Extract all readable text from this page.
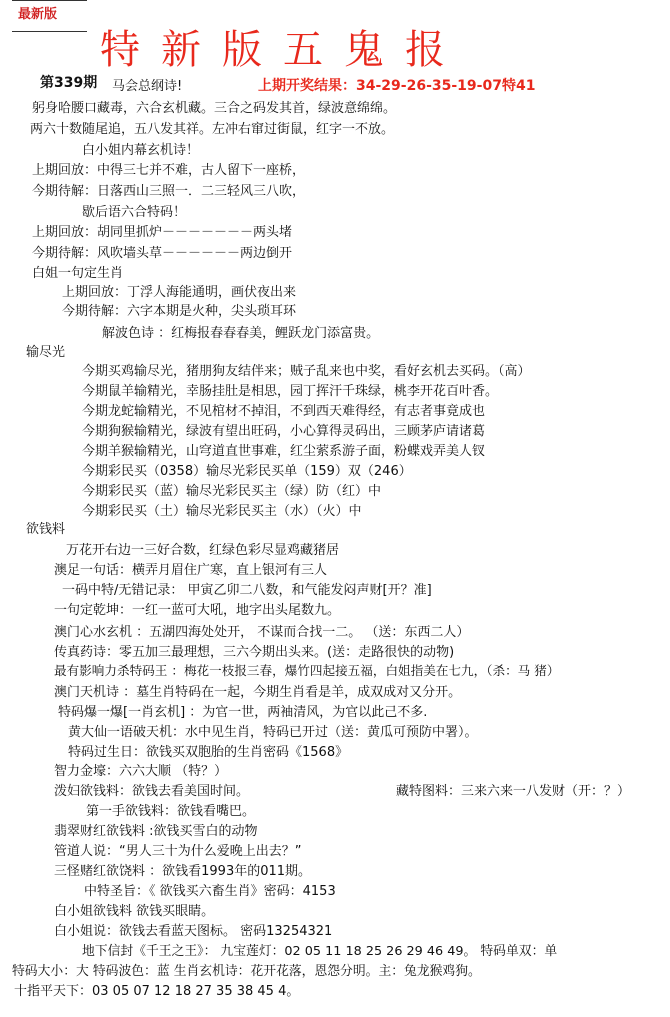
最新版
特新版五鬼报
第339期 马会总纲诗!	上期开奖结果：34-29-26-35-19-07特41
躬身哈腰口藏毒，六合玄机藏。三合之码发其首，绿波意绵绵。
两六十数随尾追，五八发其祥。左冲右窜过街鼠，红字一不放。
白小姐内幕玄机诗！
上期回放：中得三七并不难，古人留下一座桥，
今期待解：日落西山三照一．二三轻风三八吹，
歇后语六合特码！
上期回放：胡同里抓炉－－－－－－－两头堵
今期待解：风吹墙头草－－－－－－两边倒开
白姐一句定生肖
上期回放：丁浮人海能通明，画伏夜出来
今期待解：六字本期是火种，尖头琐耳环
解波色诗 ：红梅报春春春美，鲤跃龙门添富贵。
输尽光
今期买鸡输尽光，猪朋狗友结伴来；贼子乱来也中奖，看好玄机去买码。（高）
今期鼠羊输精光，幸肠挂肚是相思，园丁挥汗千珠绿，桃李开花百叶香。
今期龙蛇输精光，不见棺材不掉泪，不到西天难得经，有志者事竟成也
今期狗猴输精光，绿波有望出旺码，小心算得灵码出，三顾茅庐请诸葛
今期羊猴输精光，山穹道直世事难，红尘萦系游子面，粉蝶戏弄美人钗
今期彩民买（0358）输尽光彩民买单（159）双（246）
今期彩民买（蓝）输尽光彩民买主（绿）防（红）中
今期彩民买（土）输尽光彩民买主（水）（火）中
欲钱料
万花开右边一三好合数，红绿色彩尽显鸡藏猪居
澳足一句话：横弄月眉住广寒，直上银河有三人
一码中特/无错记录： 甲寅乙卯二八数，和气能发闷声财[开？准]
一句定乾坤：一红一蓝可大吼，地字出头尾数九。
澳门心水玄机 ：五湖四海处处开， 不谋而合找一二。 （送：东西二人）
传真药诗：零五加三最理想，三六今期出头来。(送：走路很快的动物)
最有影响力杀特码王 ：梅花一枝报三春，爆竹四起接五福，白姐指美在七九，（杀：马 猪）
澳门天机诗 ：墓生肖特码在一起，今期生肖看是羊，成双成对又分开。
特码爆一爆[一肖玄机] ：为官一世，两袖清风，为官以此己不多.
黄大仙一语破天机：水中见生肖，特码已开过（送：黄瓜可预防中署）。
特码过生日：欲钱买双胞胎的生肖密码《1568》
智力金壕：六六大顺 （特？）
泼妇欲钱料：欲钱去看美国时间。	藏特图料：三来六来一八发财（开：？）
第一手欲钱料：欲钱看嘴巴。
翡翠财红欲钱料 :欲钱买雪白的动物
管道人说：“男人三十为什么爱晚上出去？”
三怪赌红欲饶料 ：欲钱看1993年的011期。
中特圣旨：《 欲钱买六畜生肖》密码：4153
白小姐欲钱料 欲钱买眼睛。
白小姐说：欲钱去看蓝天图标。 密码13254321
地下信封《千王之王》： 九宝莲灯：02 05 11 18 25 26 29 46 49。 特码单双：单
特码大小：大 特码波色：蓝 生肖玄机诗：花开花落，恩怨分明。主：兔龙猴鸡狗。
十指平天下：03 05 07 12 18 27 35 38 45 4。
